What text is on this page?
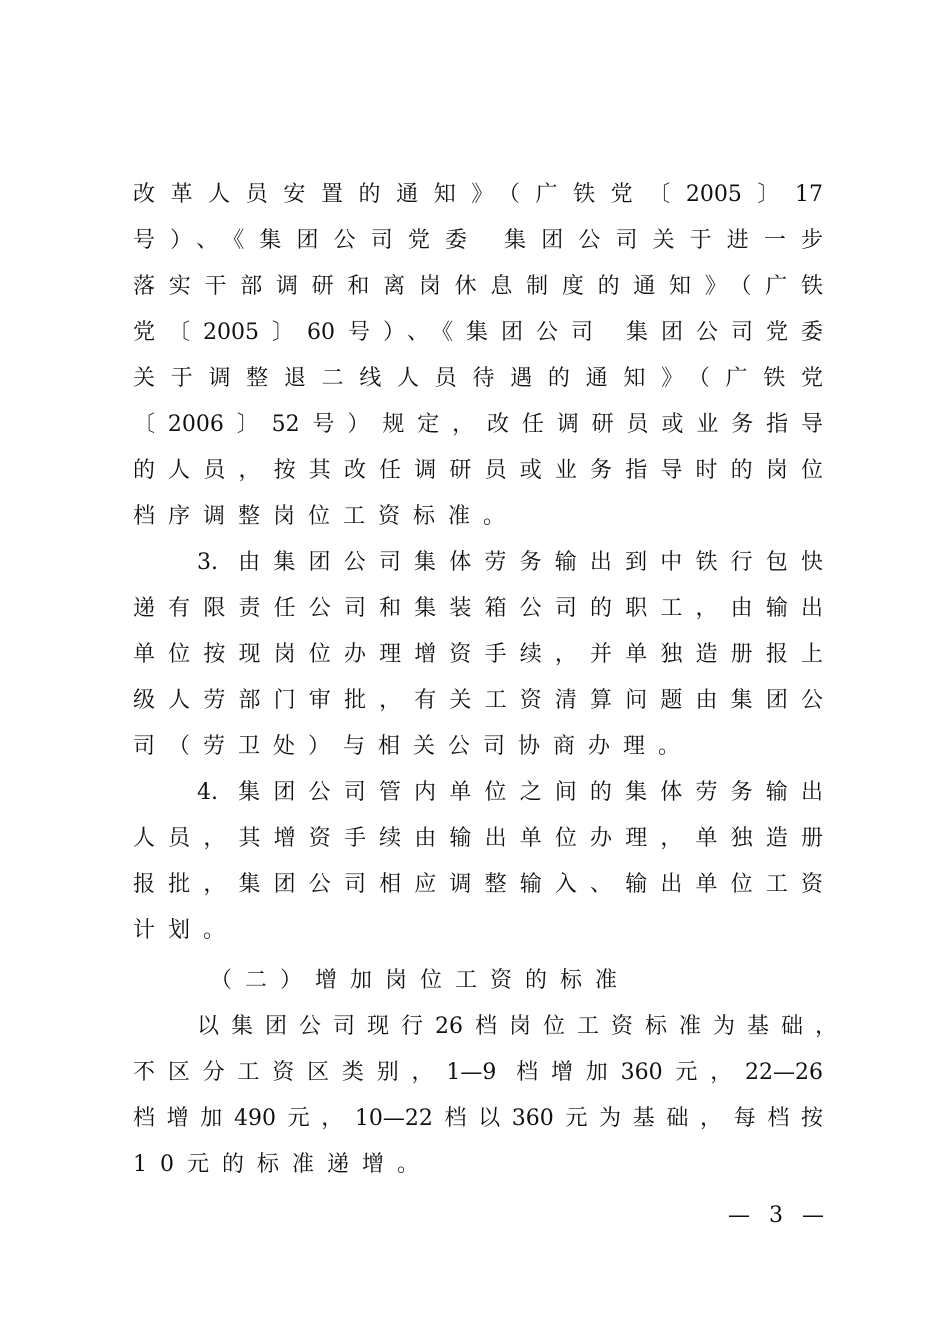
改革人员安置的通知》（广铁党〔2005〕17
号）、《集团公司党委 集团公司关于进一步
落实干部调研和离岗休息制度的通知》（广铁
党〔2005〕60号）、《集团公司 集团公司党委
关于调整退二线人员待遇的通知》（广铁党
〔2006〕52号）规定，改任调研员或业务指导
的人员，按其改任调研员或业务指导时的岗位
档序调整岗位工资标准。
3. 由集团公司集体劳务输出到中铁行包快
递有限责任公司和集装箱公司的职工，由输出
单位按现岗位办理增资手续，并单独造册报上
级人劳部门审批，有关工资清算问题由集团公
司（劳卫处）与相关公司协商办理。
4. 集团公司管内单位之间的集体劳务输出
人员，其增资手续由输出单位办理，单独造册
报批，集团公司相应调整输入、输出单位工资
计划。
（二）增加岗位工资的标准
以集团公司现行26档岗位工资标准为基础，
不区分工资区类别，1—9 档增加360元，22—26
档增加490元，10—22档以360元为基础，每档按
10元的标准递增。
— 3 —
